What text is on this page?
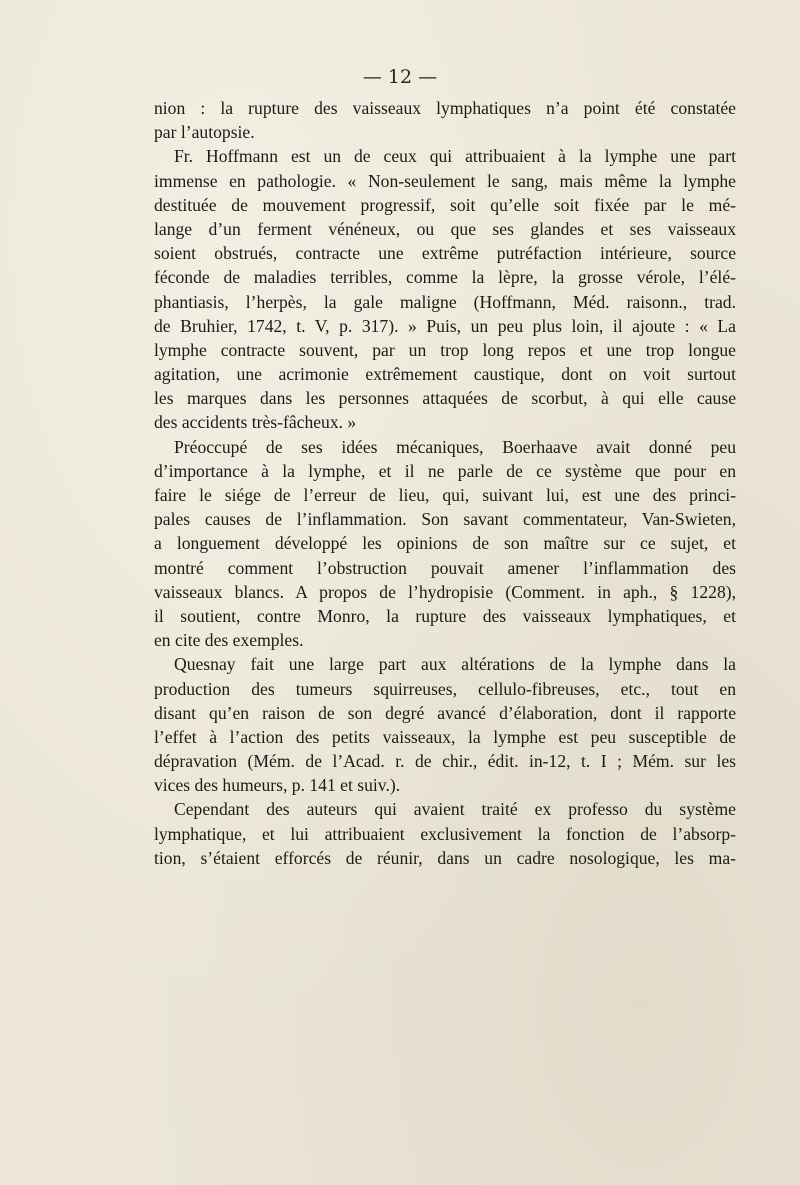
— 12 —
nion : la rupture des vaisseaux lymphatiques n’a point été constatée
par l’autopsie.
Fr. Hoffmann est un de ceux qui attribuaient à la lymphe une part
immense en pathologie. « Non-seulement le sang, mais même la lymphe
destituée de mouvement progressif, soit qu’elle soit fixée par le mé-
lange d’un ferment vénéneux, ou que ses glandes et ses vaisseaux
soient obstrués, contracte une extrême putréfaction intérieure, source
féconde de maladies terribles, comme la lèpre, la grosse vérole, l’élé-
phantiasis, l’herpès, la gale maligne (Hoffmann, Méd. raisonn., trad.
de Bruhier, 1742, t. V, p. 317). » Puis, un peu plus loin, il ajoute : « La
lymphe contracte souvent, par un trop long repos et une trop longue
agitation, une acrimonie extrêmement caustique, dont on voit surtout
les marques dans les personnes attaquées de scorbut, à qui elle cause
des accidents très-fâcheux. »
Préoccupé de ses idées mécaniques, Boerhaave avait donné peu
d’importance à la lymphe, et il ne parle de ce système que pour en
faire le siége de l’erreur de lieu, qui, suivant lui, est une des princi-
pales causes de l’inflammation. Son savant commentateur, Van-Swieten,
a longuement développé les opinions de son maître sur ce sujet, et
montré comment l’obstruction pouvait amener l’inflammation des
vaisseaux blancs. A propos de l’hydropisie (Comment. in aph., § 1228),
il soutient, contre Monro, la rupture des vaisseaux lymphatiques, et
en cite des exemples.
Quesnay fait une large part aux altérations de la lymphe dans la
production des tumeurs squirreuses, cellulo-fibreuses, etc., tout en
disant qu’en raison de son degré avancé d’élaboration, dont il rapporte
l’effet à l’action des petits vaisseaux, la lymphe est peu susceptible de
dépravation (Mém. de l’Acad. r. de chir., édit. in-12, t. I ; Mém. sur les
vices des humeurs, p. 141 et suiv.).
Cependant des auteurs qui avaient traité ex professo du système
lymphatique, et lui attribuaient exclusivement la fonction de l’absorp-
tion, s’étaient efforcés de réunir, dans un cadre nosologique, les ma-
